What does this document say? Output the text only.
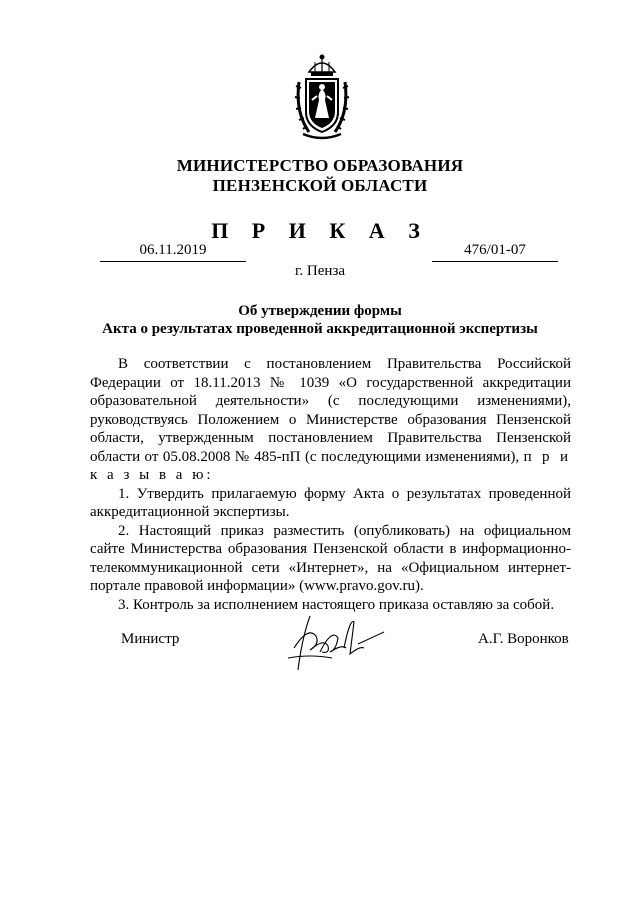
МИНИСТЕРСТВО ОБРАЗОВАНИЯ
ПЕНЗЕНСКОЙ ОБЛАСТИ
П Р И К А З
06.11.2019	476/01-07
г. Пенза
Об утверждении формы
Акта о результатах проведенной аккредитационной экспертизы

В соответствии с постановлением Правительства Российской Федерации от 18.11.2013 № 1039 «О государственной аккредитации образовательной деятельности» (с последующими изменениями), руководствуясь Положением о Министерстве образования Пензенской области, утвержденным постановлением Правительства Пензенской области от 05.08.2008 № 485-пП (с последующими изменениями), п р и к а з ы в а ю:

1. Утвердить прилагаемую форму Акта о результатах проведенной аккредитационной экспертизы.

2. Настоящий приказ разместить (опубликовать) на официальном сайте Министерства образования Пензенской области в информационно-телекоммуникационной сети «Интернет», на «Официальном интернет-портале правовой информации» (www.pravo.gov.ru).

3. Контроль за исполнением настоящего приказа оставляю за собой.

Министр	А.Г. Воронков
